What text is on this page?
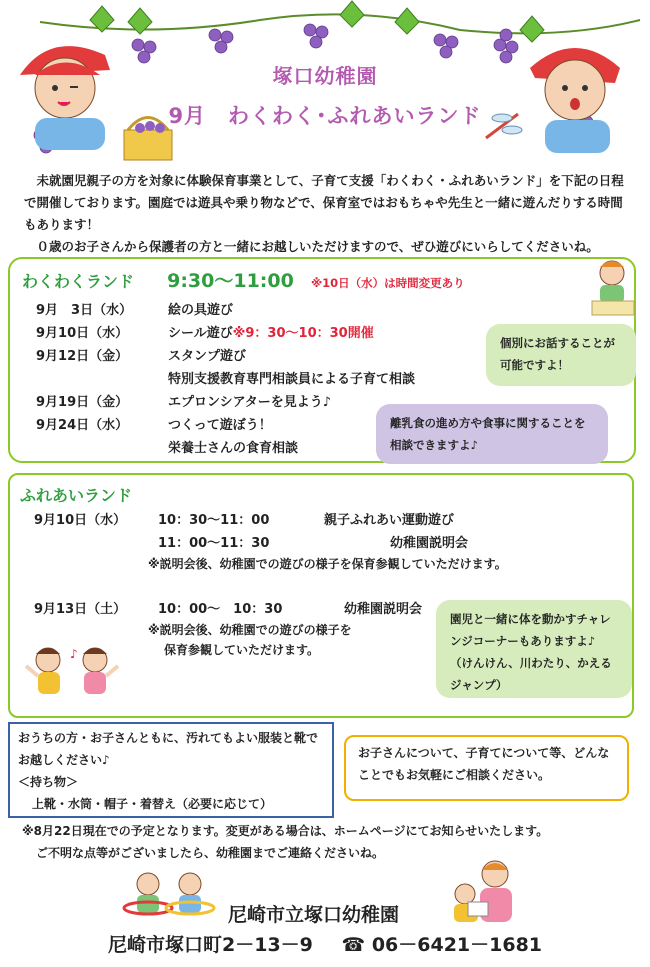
塚口幼稚園
9月　わくわく･ふれあいランド

未就園児親子の方を対象に体験保育事業として、子育て支援「わくわく・ふれあいランド」を下記の日程で開催しております。園庭では遊具や乗り物などで、保育室ではおもちゃや先生と一緒に遊んだりする時間もあります！

０歳のお子さんから保護者の方と一緒にお越しいただけますので、ぜひ遊びにいらしてくださいね。

わくわくランド 9:30～11:00 ※10日（水）は時間変更あり
9月　3日（水）	絵の具遊び
9月10日（水）	シール遊び※9：30～10：30開催
9月12日（金）	スタンプ遊び
特別支援教育専門相談員による子育て相談
9月19日（金）	エプロンシアターを見よう♪
9月24日（水）	つくって遊ぼう！
栄養士さんの食育相談
個別にお話することが可能ですよ！
離乳食の進め方や食事に関することを相談できますよ♪
ふれあいランド
9月10日（水） 10：30～11：00	親子ふれあい運動遊び
11：00～11：30	幼稚園説明会
※説明会後、幼稚園での遊びの様子を保育参観していただけます。
9月13日（土） 10：00～　10：30	幼稚園説明会
※説明会後、幼稚園での遊びの様子を
保育参観していただけます。
園児と一緒に体を動かすチャレンジコーナーもありますよ♪　（けんけん、川わたり、かえるジャンプ）
♪
おうちの方・お子さんともに、汚れてもよい服装と靴でお越しください♪
＜持ち物＞
上靴・水筒・帽子・着替え（必要に応じて）
お子さんについて、子育てについて等、どんなことでもお気軽にご相談ください。
※8月22日現在での予定となります。変更がある場合は、ホームページにてお知らせいたします。
ご不明な点等がございましたら、幼稚園までご連絡くださいね。
尼崎市立塚口幼稚園
尼崎市塚口町2－13－9 ☎ 06－6421－1681
